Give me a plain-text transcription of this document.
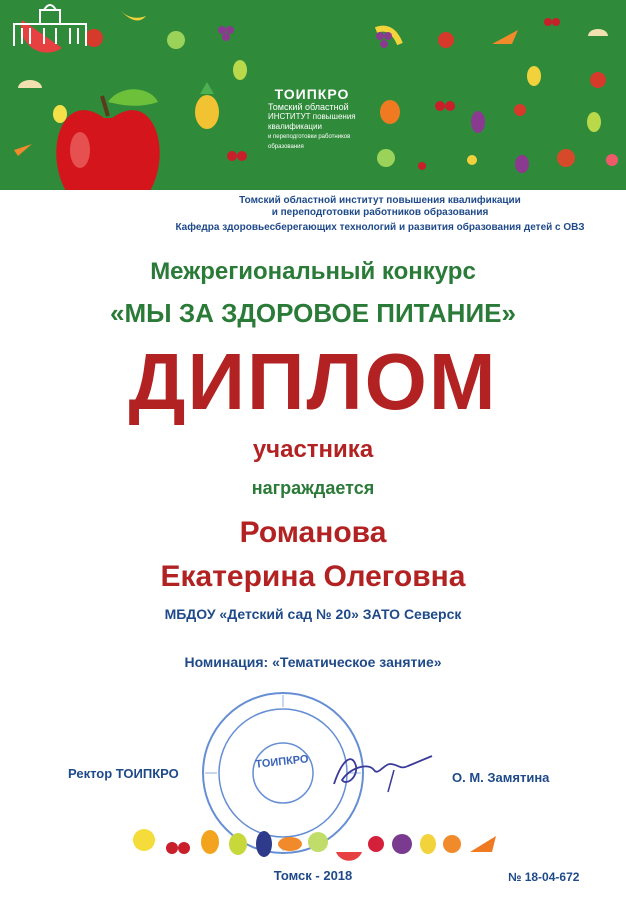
ТОИПКРО
Томский областной
ИНСТИТУТ повышения квалификации
и переподготовки работников образования
Томский областной институт повышения квалификации
и переподготовки работников образования
Кафедра здоровьесберегающих технологий и развития образования детей с ОВЗ
Межрегиональный конкурс
«МЫ ЗА ЗДОРОВОЕ ПИТАНИЕ»
ДИПЛОМ
участника
награждается
Романова
Екатерина Олеговна
МБДОУ «Детский сад № 20» ЗАТО Северск
Номинация: «Тематическое занятие»
ТОИПКРО
Ректор ТОИПКРО	О. М. Замятина
Томск - 2018	№ 18-04-672
